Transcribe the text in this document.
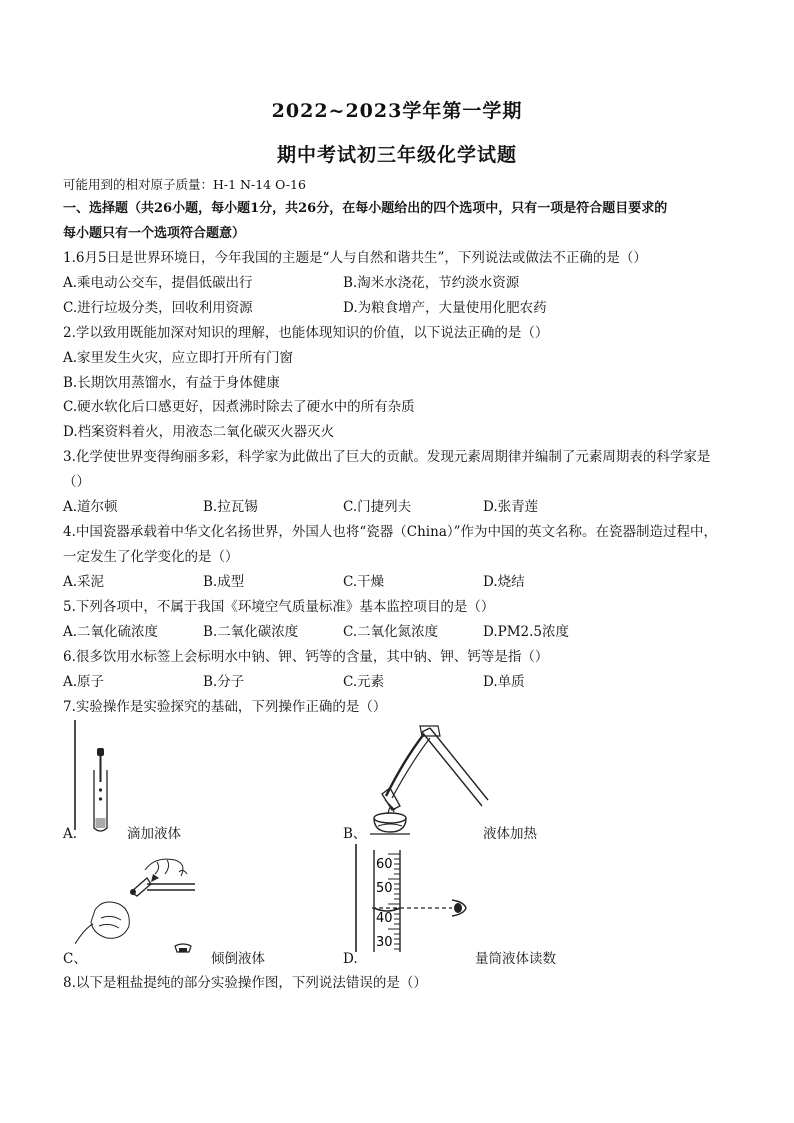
2022~2023学年第一学期
期中考试初三年级化学试题
可能用到的相对原子质量：H-1 N-14 O-16
一、选择题（共26小题，每小题1分，共26分，在每小题给出的四个选项中，只有一项是符合题目要求的
每小题只有一个选项符合题意）
1.6月5日是世界环境日，今年我国的主题是“人与自然和谐共生”，下列说法或做法不正确的是（）
A.乘电动公交车，提倡低碳出行	B.淘米水浇花，节约淡水资源
C.进行垃圾分类，回收利用资源	D.为粮食增产，大量使用化肥农药
2.学以致用既能加深对知识的理解，也能体现知识的价值，以下说法正确的是（）
A.家里发生火灾，应立即打开所有门窗
B.长期饮用蒸馏水，有益于身体健康
C.硬水软化后口感更好，因煮沸时除去了硬水中的所有杂质
D.档案资料着火，用液态二氧化碳灭火器灭火
3.化学使世界变得绚丽多彩，科学家为此做出了巨大的贡献。发现元素周期律并编制了元素周期表的科学家是
（）
A.道尔顿	B.拉瓦锡	C.门捷列夫	D.张青莲
4.中国瓷器承载着中华文化名扬世界，外国人也将“瓷器（China）”作为中国的英文名称。在瓷器制造过程中，
一定发生了化学变化的是（）
A.采泥	B.成型	C.干燥	D.烧结
5.下列各项中，不属于我国《环境空气质量标准》基本监控项目的是（）
A.二氧化硫浓度	B.二氧化碳浓度	C.二氧化氮浓度	D.PM2.5浓度
6.很多饮用水标签上会标明水中钠、钾、钙等的含量，其中钠、钾、钙等是指（）
A.原子	B.分子	C.元素	D.单质
7.实验操作是实验探究的基础，下列操作正确的是（）
A.	滴加液体	B、	液体加热
C、	倾倒液体
60
50
40
30
D.	量筒液体读数
8.以下是粗盐提纯的部分实验操作图，下列说法错误的是（）
